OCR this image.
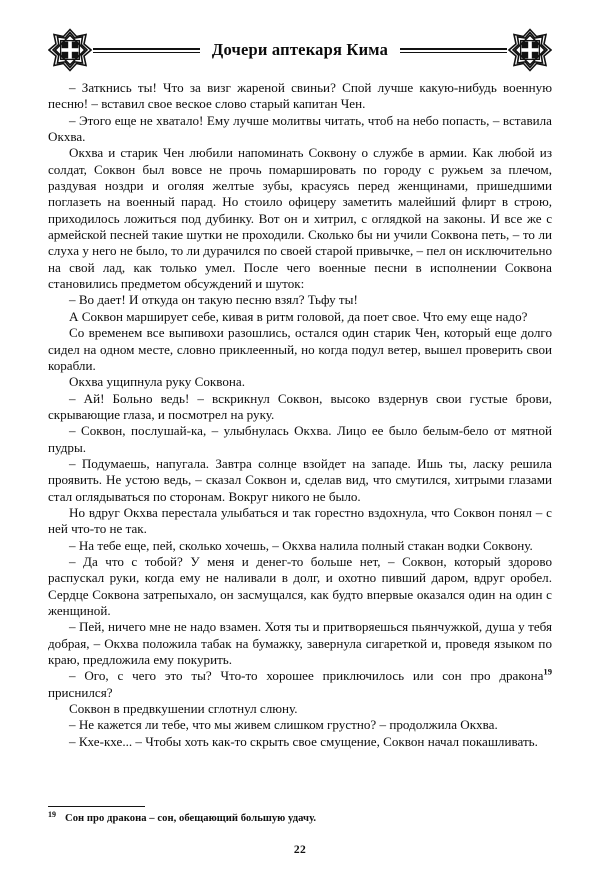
Дочери аптекаря Кима

– Заткнись ты! Что за визг жареной свиньи? Спой лучше какую-нибудь военную песню! – вставил свое веское слово старый капитан Чен.

– Этого еще не хватало! Ему лучше молитвы читать, чтоб на небо попасть, – вставила Окхва.

Окхва и старик Чен любили напоминать Соквону о службе в армии. Как любой из солдат, Соквон был вовсе не прочь помаршировать по городу с ружьем за плечом, раздувая ноздри и оголяя желтые зубы, красуясь перед женщинами, пришедшими поглазеть на военный парад. Но стоило офицеру заметить малейший флирт в строю, приходилось ложиться под дубинку. Вот он и хитрил, с оглядкой на законы. И все же с армейской песней такие шутки не проходили. Сколько бы ни учили Соквона петь, – то ли слуха у него не было, то ли дурачился по своей старой привычке, – пел он исключительно на свой лад, как только умел. После чего военные песни в исполнении Соквона становились предметом обсуждений и шуток:

– Во дает! И откуда он такую песню взял? Тьфу ты!

А Соквон марширует себе, кивая в ритм головой, да поет свое. Что ему еще надо?

Со временем все выпивохи разошлись, остался один старик Чен, который еще долго сидел на одном месте, словно приклеенный, но когда подул ветер, вышел проверить свои корабли.

Окхва ущипнула руку Соквона.

– Ай! Больно ведь! – вскрикнул Соквон, высоко вздернув свои густые брови, скрывающие глаза, и посмотрел на руку.

– Соквон, послушай-ка, – улыбнулась Окхва. Лицо ее было белым-бело от мятной пудры.

– Подумаешь, напугала. Завтра солнце взойдет на западе. Ишь ты, ласку решила проявить. Не устою ведь, – сказал Соквон и, сделав вид, что смутился, хитрыми глазами стал оглядываться по сторонам. Вокруг никого не было.

Но вдруг Окхва перестала улыбаться и так горестно вздохнула, что Соквон понял – с ней что-то не так.

– На тебе еще, пей, сколько хочешь, – Окхва налила полный стакан водки Соквону.

– Да что с тобой? У меня и денег-то больше нет, – Соквон, который здорово распускал руки, когда ему не наливали в долг, и охотно пивший даром, вдруг оробел. Сердце Соквона затрепыхало, он засмущался, как будто впервые оказался один на один с женщиной.

– Пей, ничего мне не надо взамен. Хотя ты и притворяешься пьянчужкой, душа у тебя добрая, – Окхва положила табак на бумажку, завернула сигареткой и, проведя языком по краю, предложила ему покурить.

– Ого, с чего это ты? Что-то хорошее приключилось или сон про дракона$^{19}$ приснился?

Соквон в предвкушении сглотнул слюну.

– Не кажется ли тебе, что мы живем слишком грустно? – продолжила Окхва.

– Кхе-кхе... – Чтобы хоть как-то скрыть свое смущение, Соквон начал покашливать.

19 Сон про дракона – сон, обещающий большую удачу.
22
